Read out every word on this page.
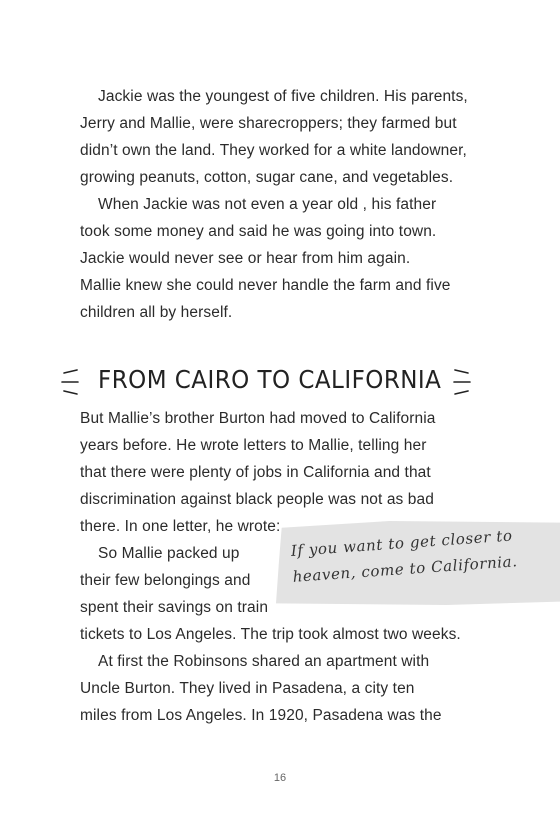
Jackie was the youngest of five children. His parents,
Jerry and Mallie, were sharecroppers; they farmed but
didn’t own the land. They worked for a white landowner,
growing peanuts, cotton, sugar cane, and vegetables.
When Jackie was not even a year old , his father
took some money and said he was going into town.
Jackie would never see or hear from him again.
Mallie knew she could never handle the farm and five
children all by herself.
FROM CAIRO TO CALIFORNIA
But Mallie’s brother Burton had moved to California
years before. He wrote letters to Mallie, telling her
that there were plenty of jobs in California and that
discrimination against black people was not as bad
there. In one letter, he wrote: If you want to get closer to
heaven, come to California.
So Mallie packed up
their few belongings and
spent their savings on train
tickets to Los Angeles. The trip took almost two weeks.
At first the Robinsons shared an apartment with
Uncle Burton. They lived in Pasadena, a city ten
miles from Los Angeles. In 1920, Pasadena was the
16
